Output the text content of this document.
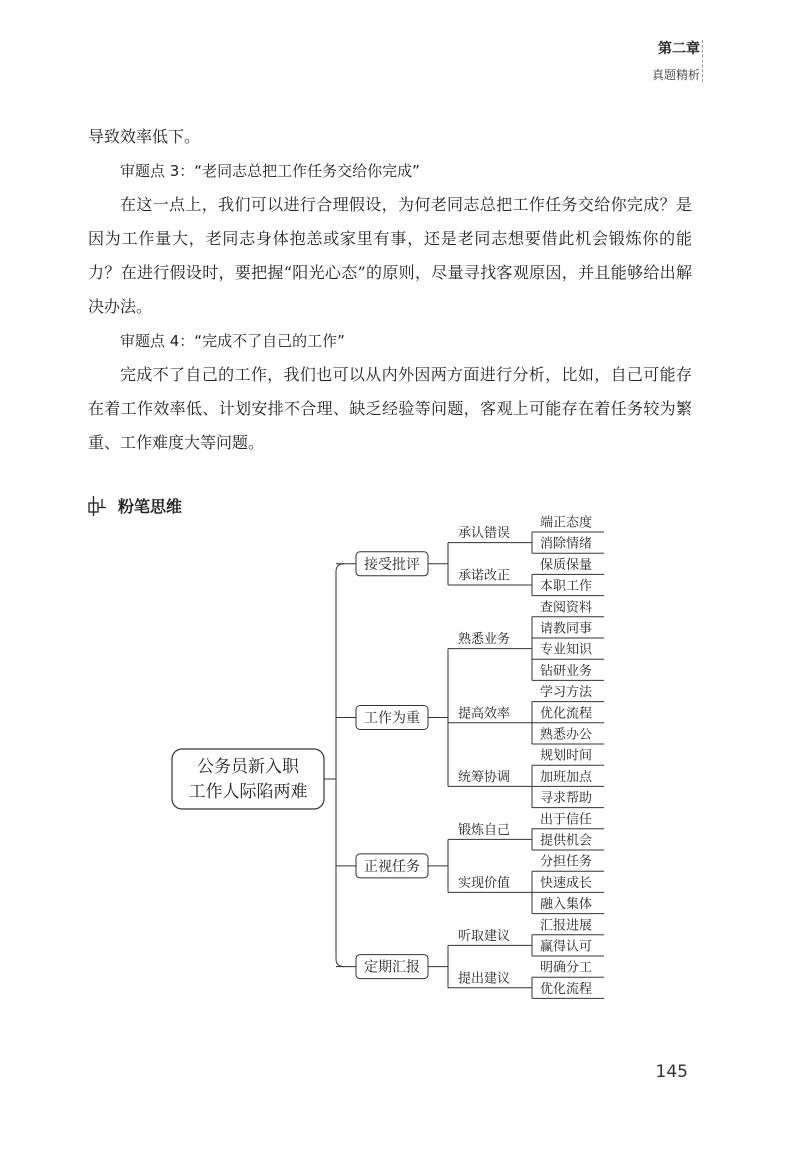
第二章
真题精析

导致效率低下。

审题点 3：“老同志总把工作任务交给你完成”

在这一点上，我们可以进行合理假设，为何老同志总把工作任务交给你完成？是因为工作量大，老同志身体抱恙或家里有事，还是老同志想要借此机会锻炼你的能力？在进行假设时，要把握“阳光心态”的原则，尽量寻找客观原因，并且能够给出解决办法。

审题点 4：“完成不了自己的工作”

完成不了自己的工作，我们也可以从内外因两方面进行分析，比如，自己可能存在着工作效率低、计划安排不合理、缺乏经验等问题，客观上可能存在着任务较为繁重、工作难度大等问题。

粉笔思维
端正态度
消除情绪
承认错误
保质保量
本职工作
承诺改正
接受批评
查阅资料
请教同事
专业知识
钻研业务
熟悉业务
学习方法
优化流程
熟悉办公
提高效率
规划时间
加班加点
寻求帮助
统筹协调
工作为重
出于信任
提供机会
锻炼自己
分担任务
快速成长
融入集体
实现价值
正视任务
汇报进展
赢得认可
听取建议
明确分工
优化流程
提出建议
定期汇报
公务员新入职
工作人际陷两难
145
